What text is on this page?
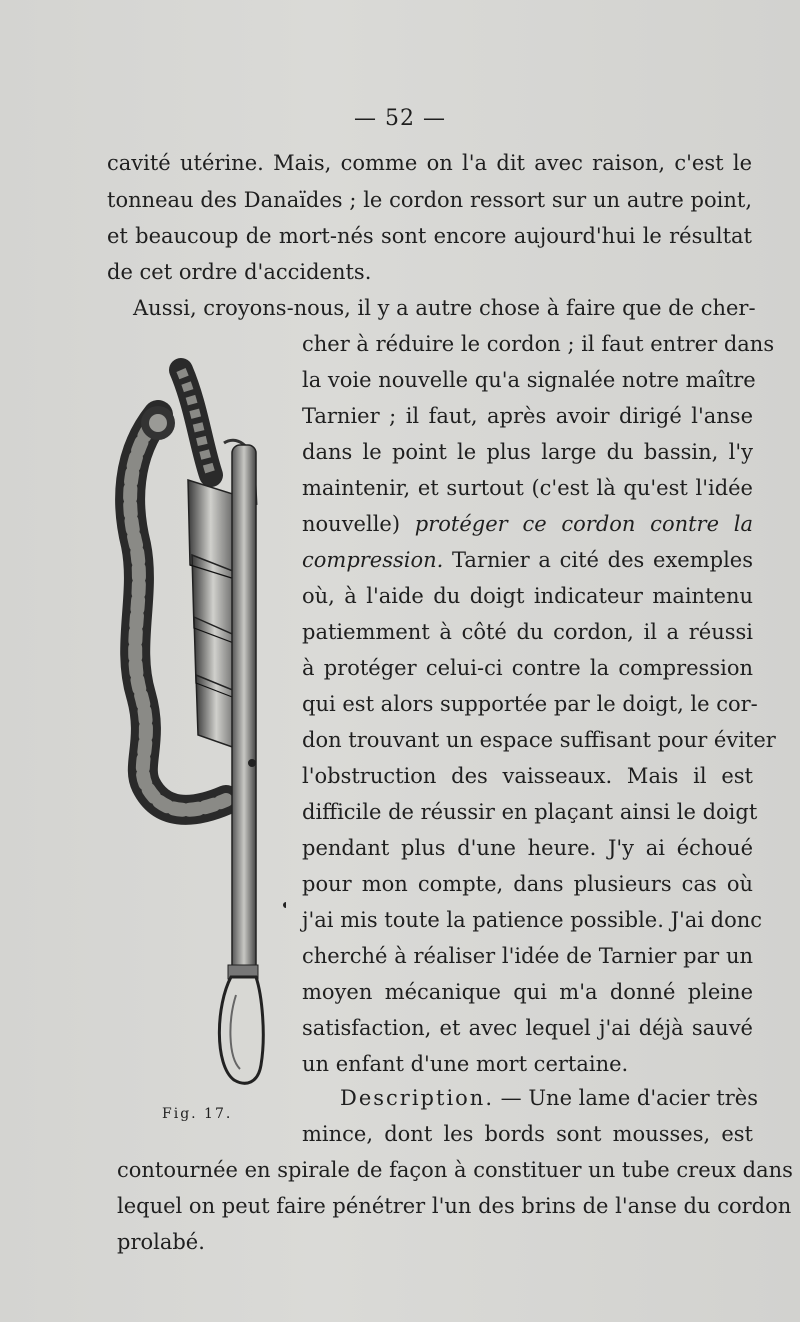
— 52 —
cavité utérine. Mais, comme on l'a dit avec raison, c'est le
tonneau des Danaïdes ; le cordon ressort sur un autre point,
et beaucoup de mort-nés sont encore aujourd'hui le résultat
de cet ordre d'accidents.
Aussi, croyons-nous, il y a autre chose à faire que de cher-
cher à réduire le cordon ; il faut entrer dans
la voie nouvelle qu'a signalée notre maître
Tarnier ; il faut, après avoir dirigé l'anse
dans le point le plus large du bassin, l'y
maintenir, et surtout (c'est là qu'est l'idée
nouvelle) protéger ce cordon contre la
compression. Tarnier a cité des exemples
où, à l'aide du doigt indicateur maintenu
patiemment à côté du cordon, il a réussi
à protéger celui-ci contre la compression
qui est alors supportée par le doigt, le cor-
don trouvant un espace suffisant pour éviter
l'obstruction des vaisseaux. Mais il est
difficile de réussir en plaçant ainsi le doigt
pendant plus d'une heure. J'y ai échoué
pour mon compte, dans plusieurs cas où
j'ai mis toute la patience possible. J'ai donc
cherché à réaliser l'idée de Tarnier par un
moyen mécanique qui m'a donné pleine
satisfaction, et avec lequel j'ai déjà sauvé
un enfant d'une mort certaine.
Description. — Une lame d'acier très
mince, dont les bords sont mousses, est
contournée en spirale de façon à constituer un tube creux dans
lequel on peut faire pénétrer l'un des brins de l'anse du cordon
prolabé.
Fig. 17.
